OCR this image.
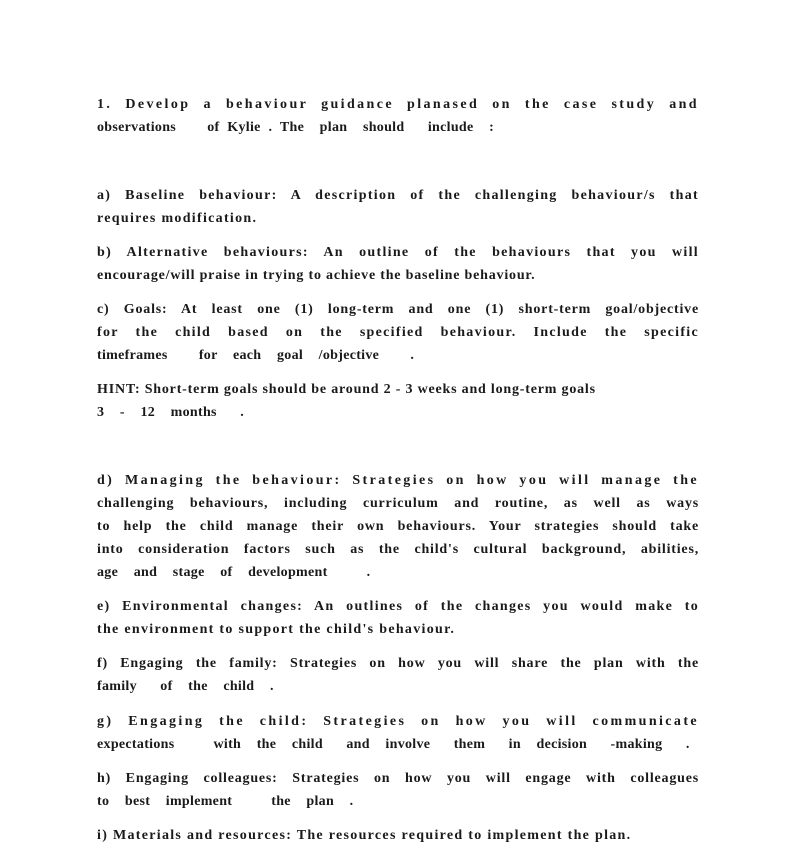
1. Develop a behaviour guidance planased on the case study and
observations    of Kylie . The  plan  should   include  :
a) Baseline behaviour: A description of the challenging behaviour/s that
requires modification.
b) Alternative behaviours: An outline of the behaviours that you will
encourage/will praise in trying to achieve the baseline behaviour.
c) Goals: At least one (1) long-term and one (1) short-term goal/objective
for the child based on the specified behaviour. Include the specific
timeframes    for  each  goal  /objective    .
HINT: Short-term goals should be around 2 - 3 weeks and long-term goals
3  -  12  months   .
d) Managing the behaviour: Strategies on how you will manage the
challenging behaviours, including curriculum and routine, as well as ways
to help the child manage their own behaviours. Your strategies should take
into consideration factors such as the child's cultural background, abilities,
age  and  stage  of  development     .
e) Environmental changes: An outlines of the changes you would make to
the environment to support the child's behaviour.
f) Engaging the family: Strategies on how you will share the plan with the
family   of  the  child  .
g) Engaging the child: Strategies on how you will communicate
expectations     with  the  child   and  involve   them   in  decision   -making   .
h) Engaging colleagues: Strategies on how you will engage with colleagues
to  best  implement     the  plan  .
i) Materials and resources: The resources required to implement the plan.
